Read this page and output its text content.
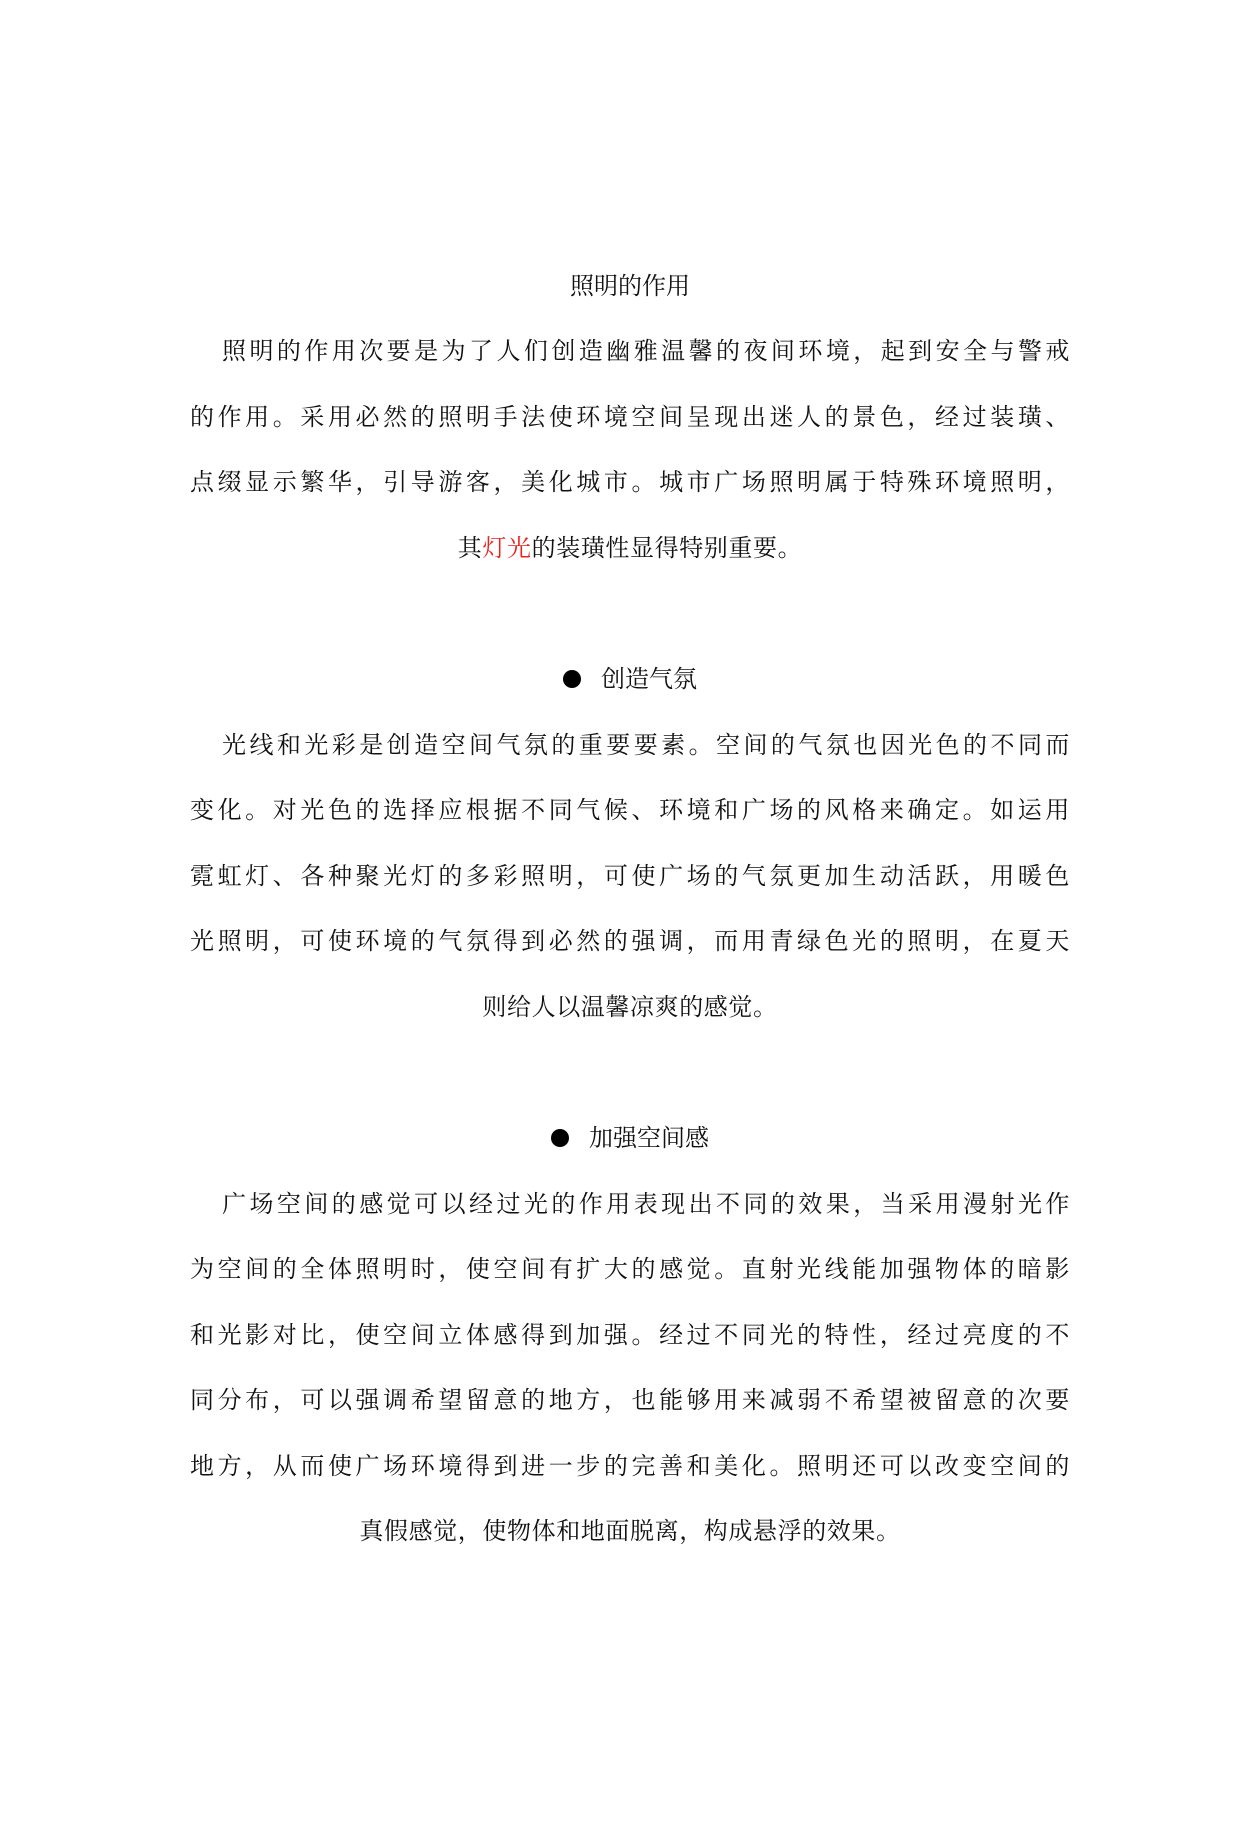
照明的作用
照明的作用次要是为了人们创造幽雅温馨的夜间环境，起到安全与警戒
的作用。采用必然的照明手法使环境空间呈现出迷人的景色，经过装璜、
点缀显示繁华，引导游客，美化城市。城市广场照明属于特殊环境照明，
其灯光的装璜性显得特别重要。
创造气氛
光线和光彩是创造空间气氛的重要要素。空间的气氛也因光色的不同而
变化。对光色的选择应根据不同气候、环境和广场的风格来确定。如运用
霓虹灯、各种聚光灯的多彩照明，可使广场的气氛更加生动活跃，用暖色
光照明，可使环境的气氛得到必然的强调，而用青绿色光的照明，在夏天
则给人以温馨凉爽的感觉。
加强空间感
广场空间的感觉可以经过光的作用表现出不同的效果，当采用漫射光作
为空间的全体照明时，使空间有扩大的感觉。直射光线能加强物体的暗影
和光影对比，使空间立体感得到加强。经过不同光的特性，经过亮度的不
同分布，可以强调希望留意的地方，也能够用来减弱不希望被留意的次要
地方，从而使广场环境得到进一步的完善和美化。照明还可以改变空间的
真假感觉，使物体和地面脱离，构成悬浮的效果。
